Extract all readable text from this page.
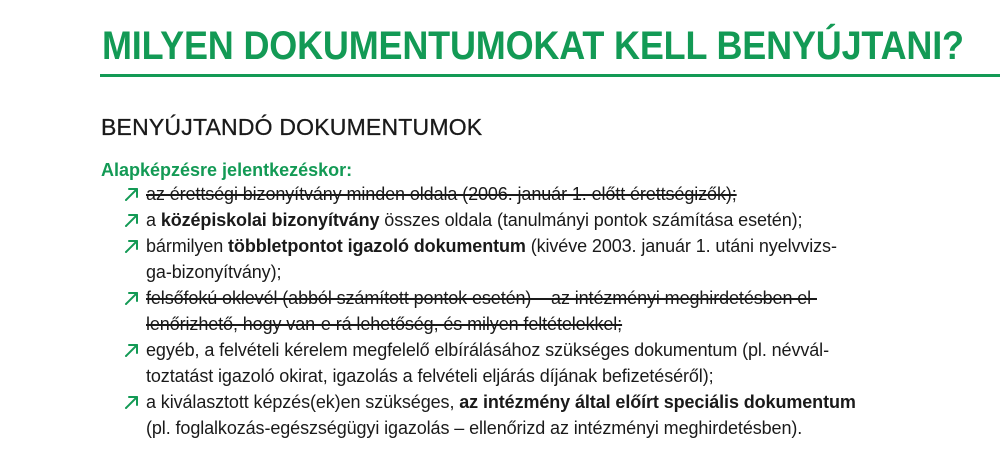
MILYEN DOKUMENTUMOKAT KELL BENYÚJTANI?
BENYÚJTANDÓ DOKUMENTUMOK
Alapképzésre jelentkezéskor:
az érettségi bizonyítvány minden oldala (2006. január 1. előtt érettségizők);
a középiskolai bizonyítvány összes oldala (tanulmányi pontok számítása esetén);
bármilyen többletpontot igazoló dokumentum (kivéve 2003. január 1. utáni nyelvvizs-
ga-bizonyítvány);
felsőfokú oklevél (abból számított pontok esetén) – az intézményi meghirdetésben el-
lenőrizhető, hogy van-e rá lehetőség, és milyen feltételekkel;
egyéb, a felvételi kérelem megfelelő elbírálásához szükséges dokumentum (pl. névvál-
toztatást igazoló okirat, igazolás a felvételi eljárás díjának befizetéséről);
a kiválasztott képzés(ek)en szükséges, az intézmény által előírt speciális dokumentum
(pl. foglalkozás-egészségügyi igazolás – ellenőrizd az intézményi meghirdetésben).
